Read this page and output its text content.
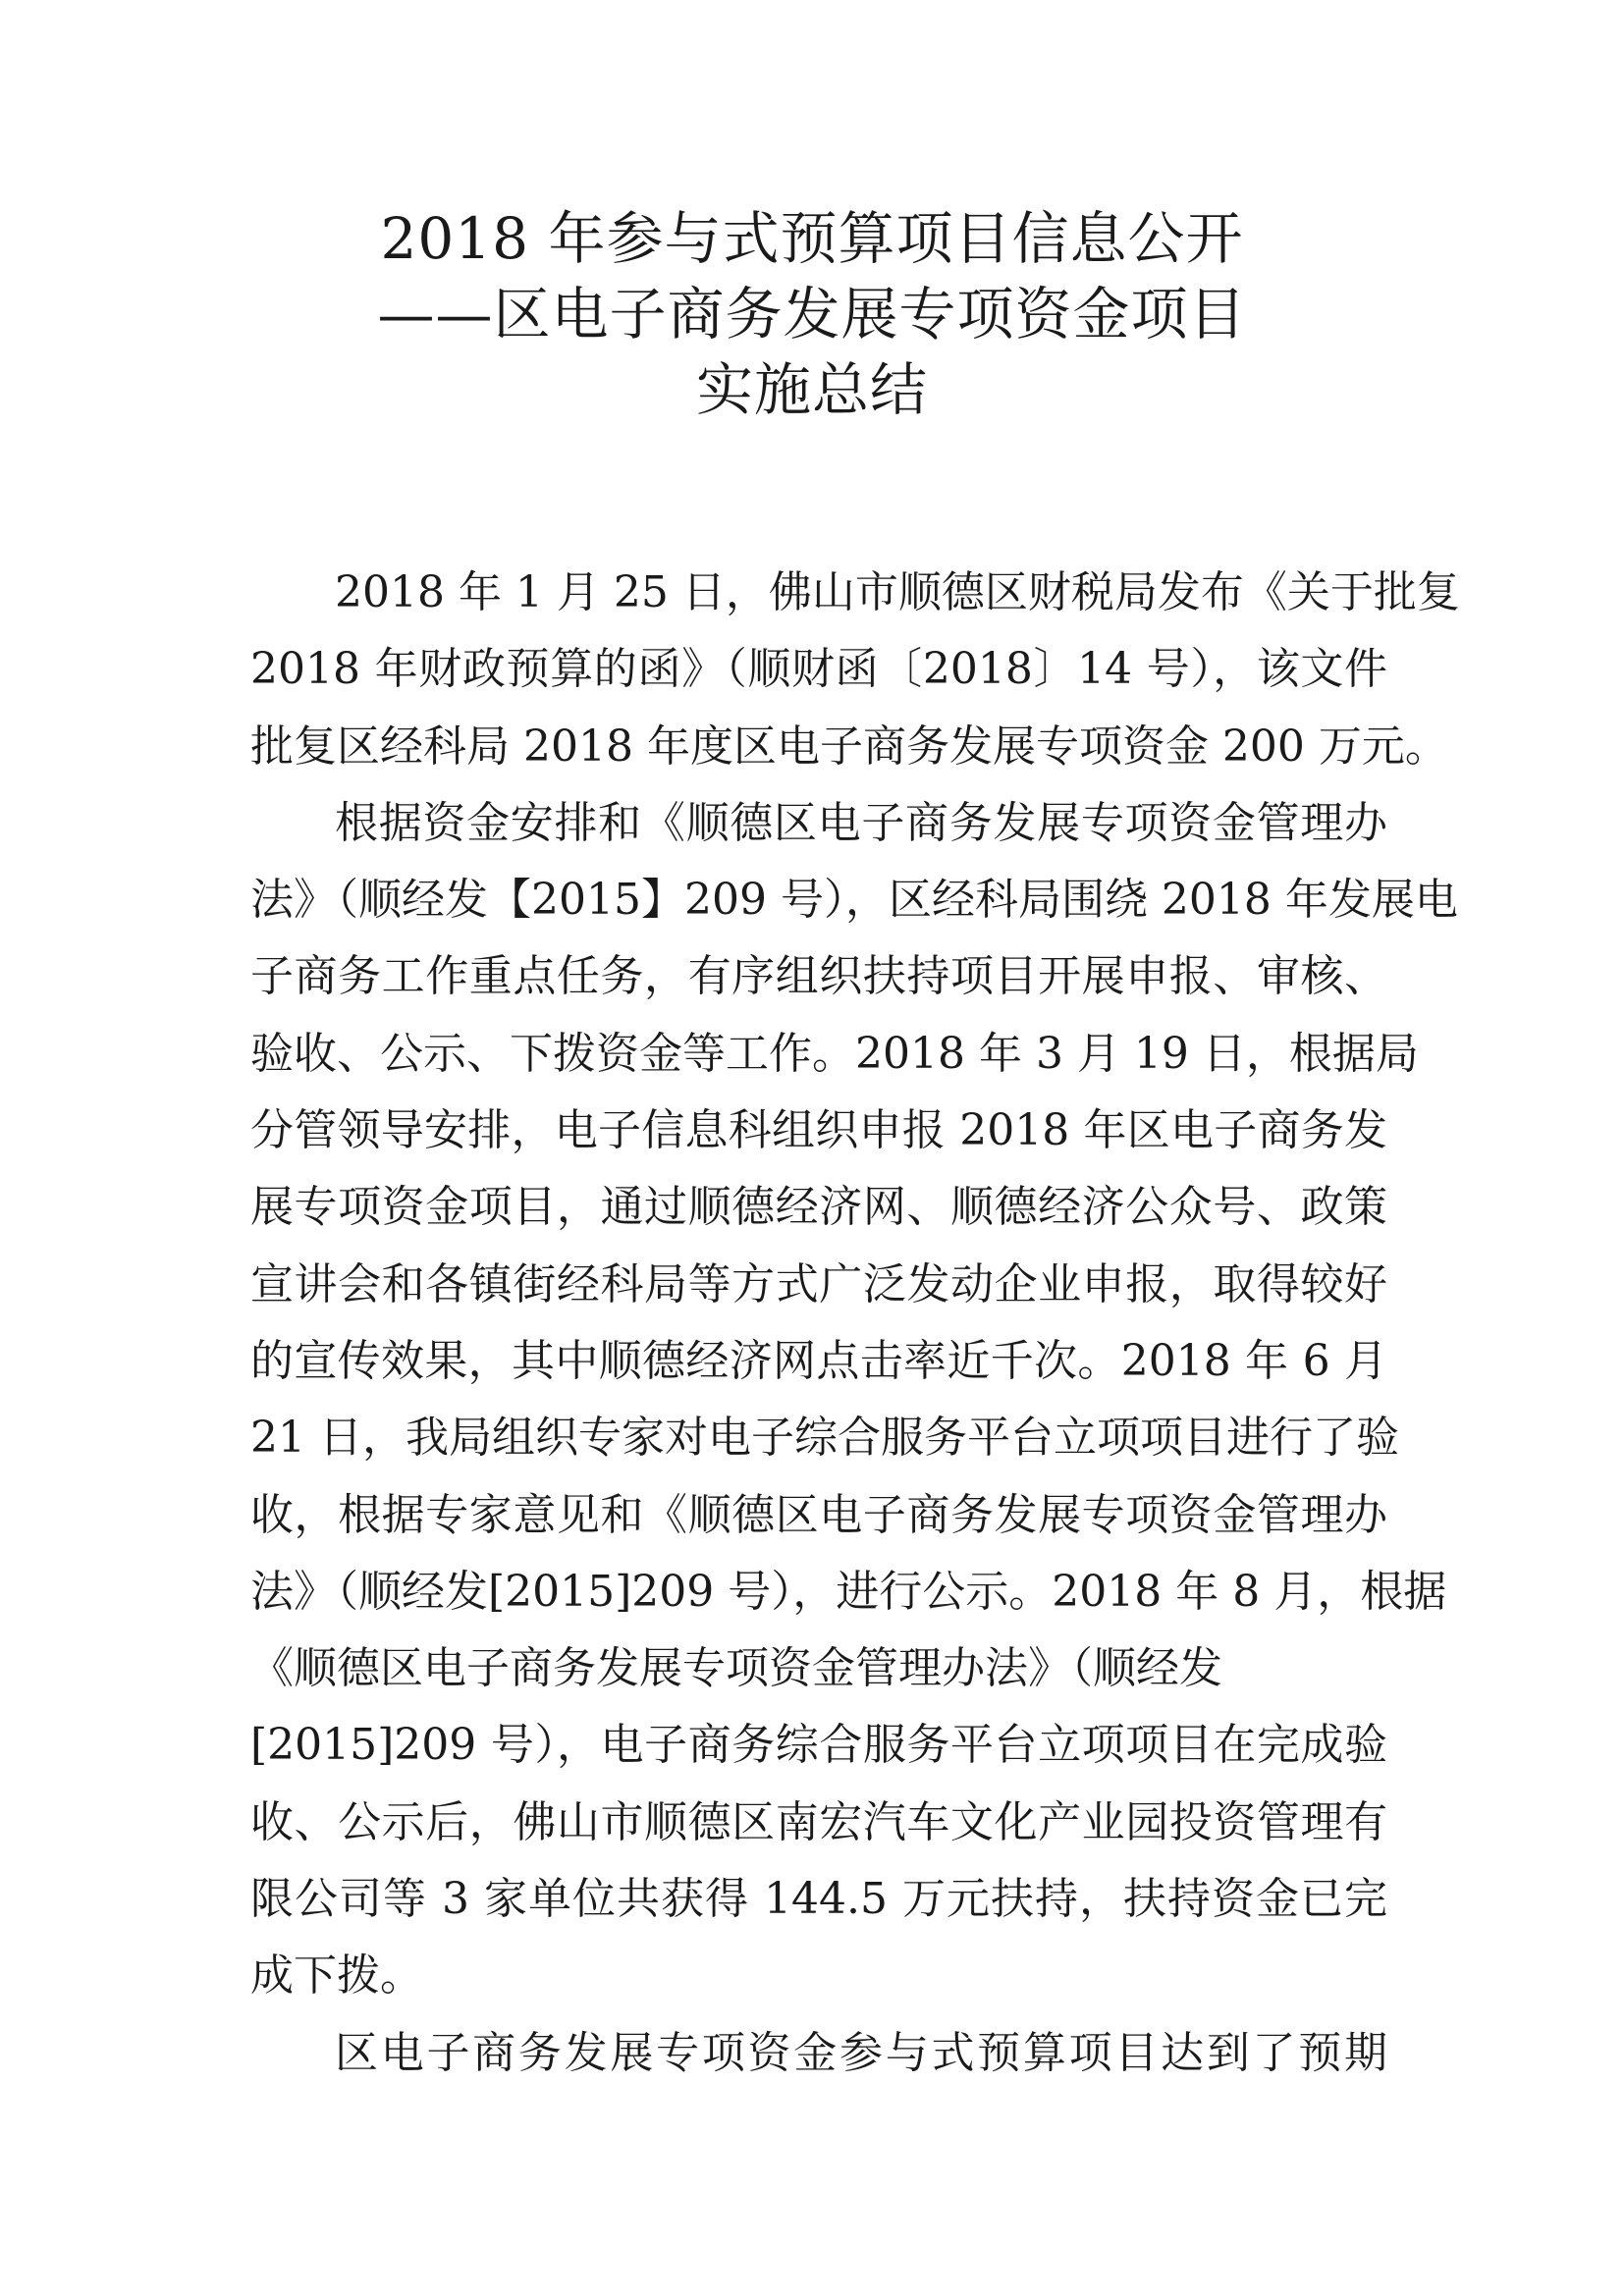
2018 年参与式预算项目信息公开
——区电子商务发展专项资金项目
实施总结
2018 年 1 月 25 日，佛山市顺德区财税局发布《关于批复
2018 年财政预算的函》（顺财函〔2018〕14 号），该文件
批复区经科局 2018 年度区电子商务发展专项资金 200 万元。
根据资金安排和《顺德区电子商务发展专项资金管理办
法》（顺经发【2015】209 号），区经科局围绕 2018 年发展电
子商务工作重点任务，有序组织扶持项目开展申报、审核、
验收、公示、下拨资金等工作。2018 年 3 月 19 日，根据局
分管领导安排，电子信息科组织申报 2018 年区电子商务发
展专项资金项目，通过顺德经济网、顺德经济公众号、政策
宣讲会和各镇街经科局等方式广泛发动企业申报，取得较好
的宣传效果，其中顺德经济网点击率近千次。2018 年 6 月
21 日，我局组织专家对电子综合服务平台立项项目进行了验
收，根据专家意见和《顺德区电子商务发展专项资金管理办
法》（顺经发[2015]209 号），进行公示。2018 年 8 月，根据
《顺德区电子商务发展专项资金管理办法》（顺经发
[2015]209 号），电子商务综合服务平台立项项目在完成验
收、公示后，佛山市顺德区南宏汽车文化产业园投资管理有
限公司等 3 家单位共获得 144.5 万元扶持，扶持资金已完
成下拨。
区电子商务发展专项资金参与式预算项目达到了预期
